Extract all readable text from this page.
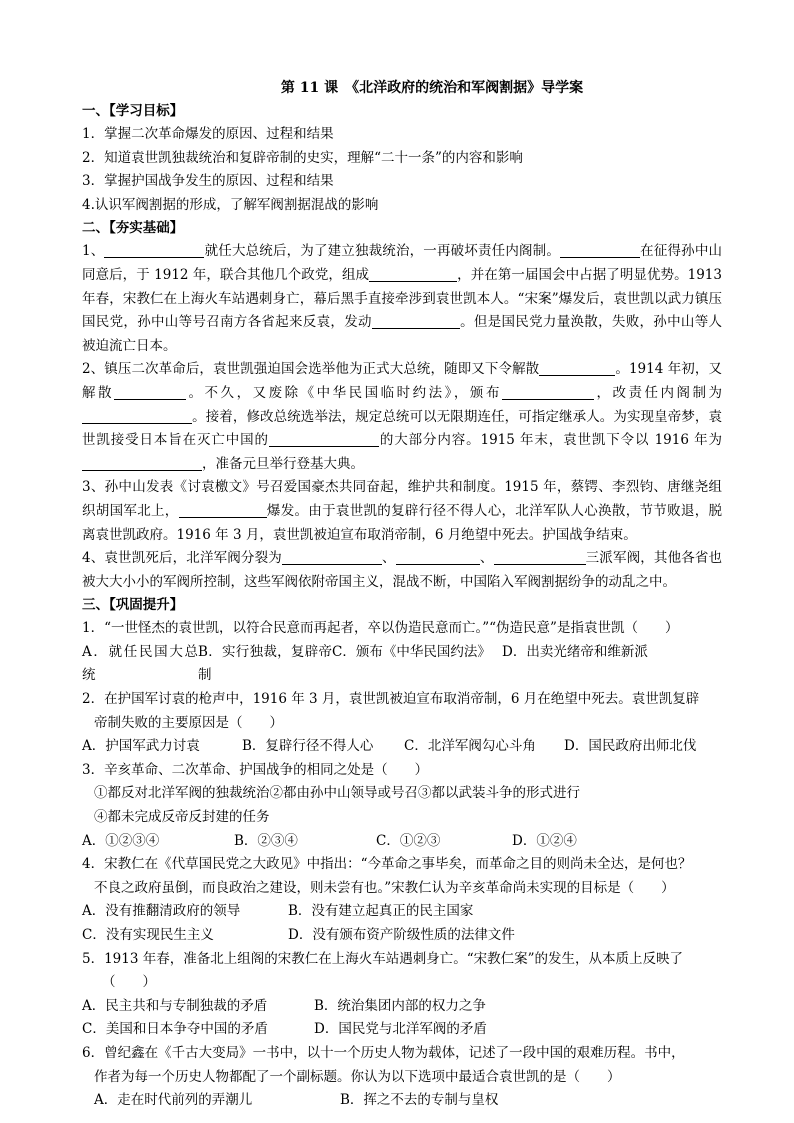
第 11 课　《北洋政府的统治和军阀割据》导学案
一、【学习目标】

1．掌握二次革命爆发的原因、过程和结果

2．知道袁世凯独裁统治和复辟帝制的史实，理解“二十一条”的内容和影响

3．掌握护国战争发生的原因、过程和结果

4.认识军阀割据的形成，了解军阀割据混战的影响

二、【夯实基础】

1、	就任大总统后，为了建立独裁统治，一再破坏责任内阁制。	在征得孙中山同意后，于 1912 年，联合其他几个政党，组成	，并在第一届国会中占据了明显优势。1913 年春，宋教仁在上海火车站遇刺身亡，幕后黑手直接牵涉到袁世凯本人。“宋案”爆发后，袁世凯以武力镇压国民党，孙中山等号召南方各省起来反袁，发动	。但是国民党力量涣散，失败，孙中山等人被迫流亡日本。

2、镇压二次革命后，袁世凯强迫国会选举他为正式大总统，随即又下令解散	。1914 年初，又解散	。不久，又废除《中华民国临时约法》，颁布	，改责任内阁制为。接着，修改总统选举法，规定总统可以无限期连任，可指定继承人。为实现皇帝梦，袁世凯接受日本旨在灭亡中国的	的大部分内容。1915 年末，袁世凯下令以 1916 年为，准备元旦举行登基大典。

3、孙中山发表《讨袁檄文》号召爱国豪杰共同奋起，维护共和制度。1915 年，蔡锷、李烈钧、唐继尧组织胡国军北上，	爆发。由于袁世凯的复辟行径不得人心，北洋军队人心涣散，节节败退，脱离袁世凯政府。1916 年 3 月，袁世凯被迫宣布取消帝制，6 月绝望中死去。护国战争结束。

4、袁世凯死后，北洋军阀分裂为	、	、	三派军阀，其他各省也被大大小小的军阀所控制，这些军阀依附帝国主义，混战不断，中国陷入军阀割据纷争的动乱之中。

三、【巩固提升】

1．“一世怪杰的袁世凯，以符合民意而再起者，卒以伪造民意而亡。”“伪造民意”是指袁世凯（　　）

A．就任民国大总统
B．实行独裁，复辟帝制
C．颁布《中华民国约法》 D．出卖光绪帝和维新派

2．在护国军讨袁的枪声中，1916 年 3 月，袁世凯被迫宣布取消帝制，6 月在绝望中死去。袁世凯复辟

帝制失败的主要原因是（　　）

A．护国军武力讨袁	B．复辟行径不得人心	C．北洋军阀勾心斗角	D．国民政府出师北伐

3．辛亥革命、二次革命、护国战争的相同之处是（　　）

①都反对北洋军阀的独裁统治②都由孙中山领导或号召③都以武装斗争的形式进行

④都未完成反帝反封建的任务

A．①②③④	B．②③④	C．①②③	D．①②④

4．宋教仁在《代草国民党之大政见》中指出：“今革命之事毕矣，而革命之目的则尚未全达，是何也？

不良之政府虽倒，而良政治之建设，则未尝有也。”宋教仁认为辛亥革命尚未实现的目标是（　　）

A．没有推翻清政府的领导	B．没有建立起真正的民主国家

C．没有实现民生主义	D．没有颁布资产阶级性质的法律文件

5．1913 年春，准备北上组阁的宋教仁在上海火车站遇刺身亡。“宋教仁案”的发生，从本质上反映了

（　　）

A．民主共和与专制独裁的矛盾	B．统治集团内部的权力之争

C．美国和日本争夺中国的矛盾	D．国民党与北洋军阀的矛盾

6．曾纪鑫在《千古大变局》一书中，以十一个历史人物为载体，记述了一段中国的艰难历程。书中，

作者为每一个历史人物都配了一个副标题。你认为以下选项中最适合袁世凯的是（　　）

A．走在时代前列的弄潮儿	B．挥之不去的专制与皇权
